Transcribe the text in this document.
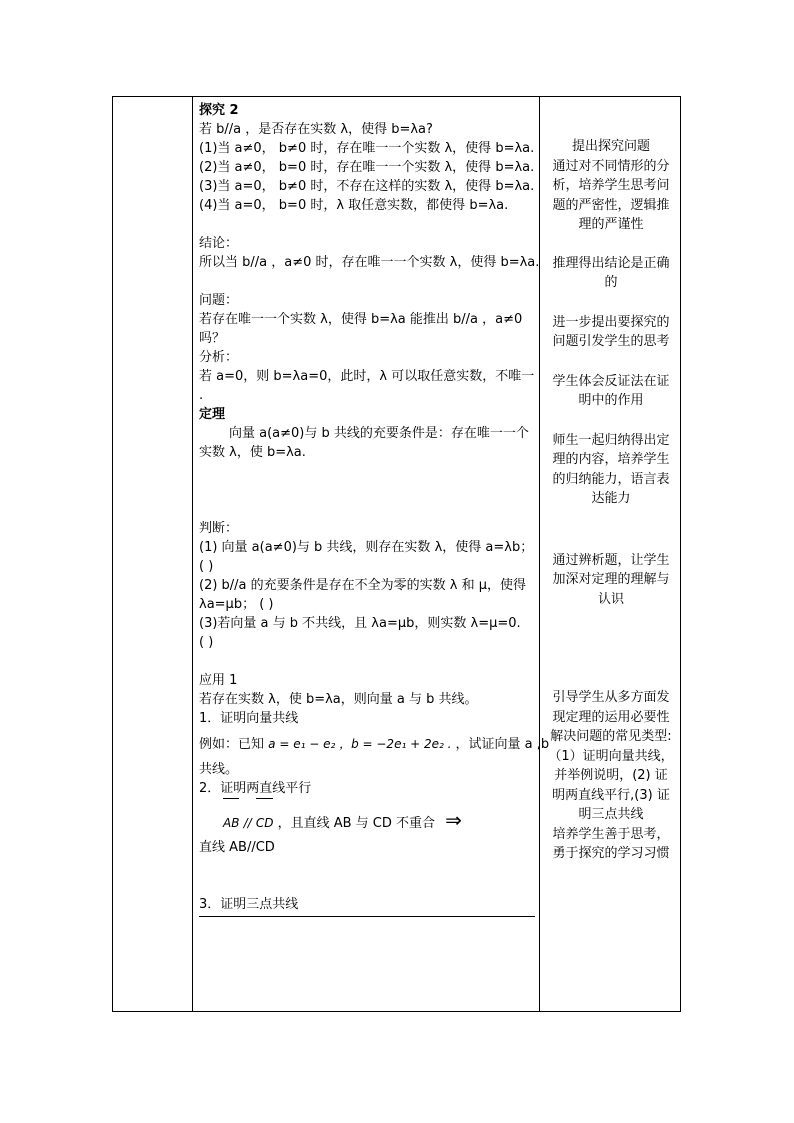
探究 2
若 b//a ，是否存在实数 λ，使得 b=λa?
(1)当 a≠0， b≠0 时，存在唯一一个实数 λ，使得 b=λa.
(2)当 a≠0， b=0 时，存在唯一一个实数 λ，使得 b=λa.
(3)当 a=0， b≠0 时，不存在这样的实数 λ，使得 b=λa.
(4)当 a=0， b=0 时，λ 取任意实数，都使得 b=λa.
结论：
所以当 b//a ，a≠0 时，存在唯一一个实数 λ，使得 b=λa.
问题：
若存在唯一一个实数 λ，使得 b=λa 能推出 b//a ，a≠0
吗？
分析：
若 a=0，则 b=λa=0，此时，λ 可以取任意实数，不唯一
.
定理
向量 a(a≠0)与 b 共线的充要条件是：存在唯一一个
实数 λ，使 b=λa.
判断：
(1) 向量 a(a≠0)与 b 共线，则存在实数 λ，使得 a=λb；
( )
(2) b//a 的充要条件是存在不全为零的实数 λ 和 μ，使得
λa=μb； ( )
(3)若向量 a 与 b 不共线，且 λa=μb，则实数 λ=μ=0.
( )
应用 1
若存在实数 λ，使 b=λa，则向量 a 与 b 共线。
1．证明向量共线
例如：已知 a = e₁ − e₂ ，b = −2e₁ + 2e₂ . ，试证向量 a ,b
共线。
2．证明两直线平行
AB // CD ，且直线 AB 与 CD 不重合 ⇒
直线 AB//CD
3．证明三点共线
提出探究问题
通过对不同情形的分
析，培养学生思考问
题的严密性，逻辑推
理的严谨性
推理得出结论是正确
的
进一步提出要探究的
问题引发学生的思考
学生体会反证法在证
明中的作用
师生一起归纳得出定
理的内容，培养学生
的归纳能力，语言表
达能力
通过辨析题，让学生
加深对定理的理解与
认识
引导学生从多方面发
现定理的运用必要性
解决问题的常见类型:
（1）证明向量共线，
并举例说明，(2) 证
明两直线平行,(3) 证
明三点共线
培养学生善于思考，
勇于探究的学习习惯
